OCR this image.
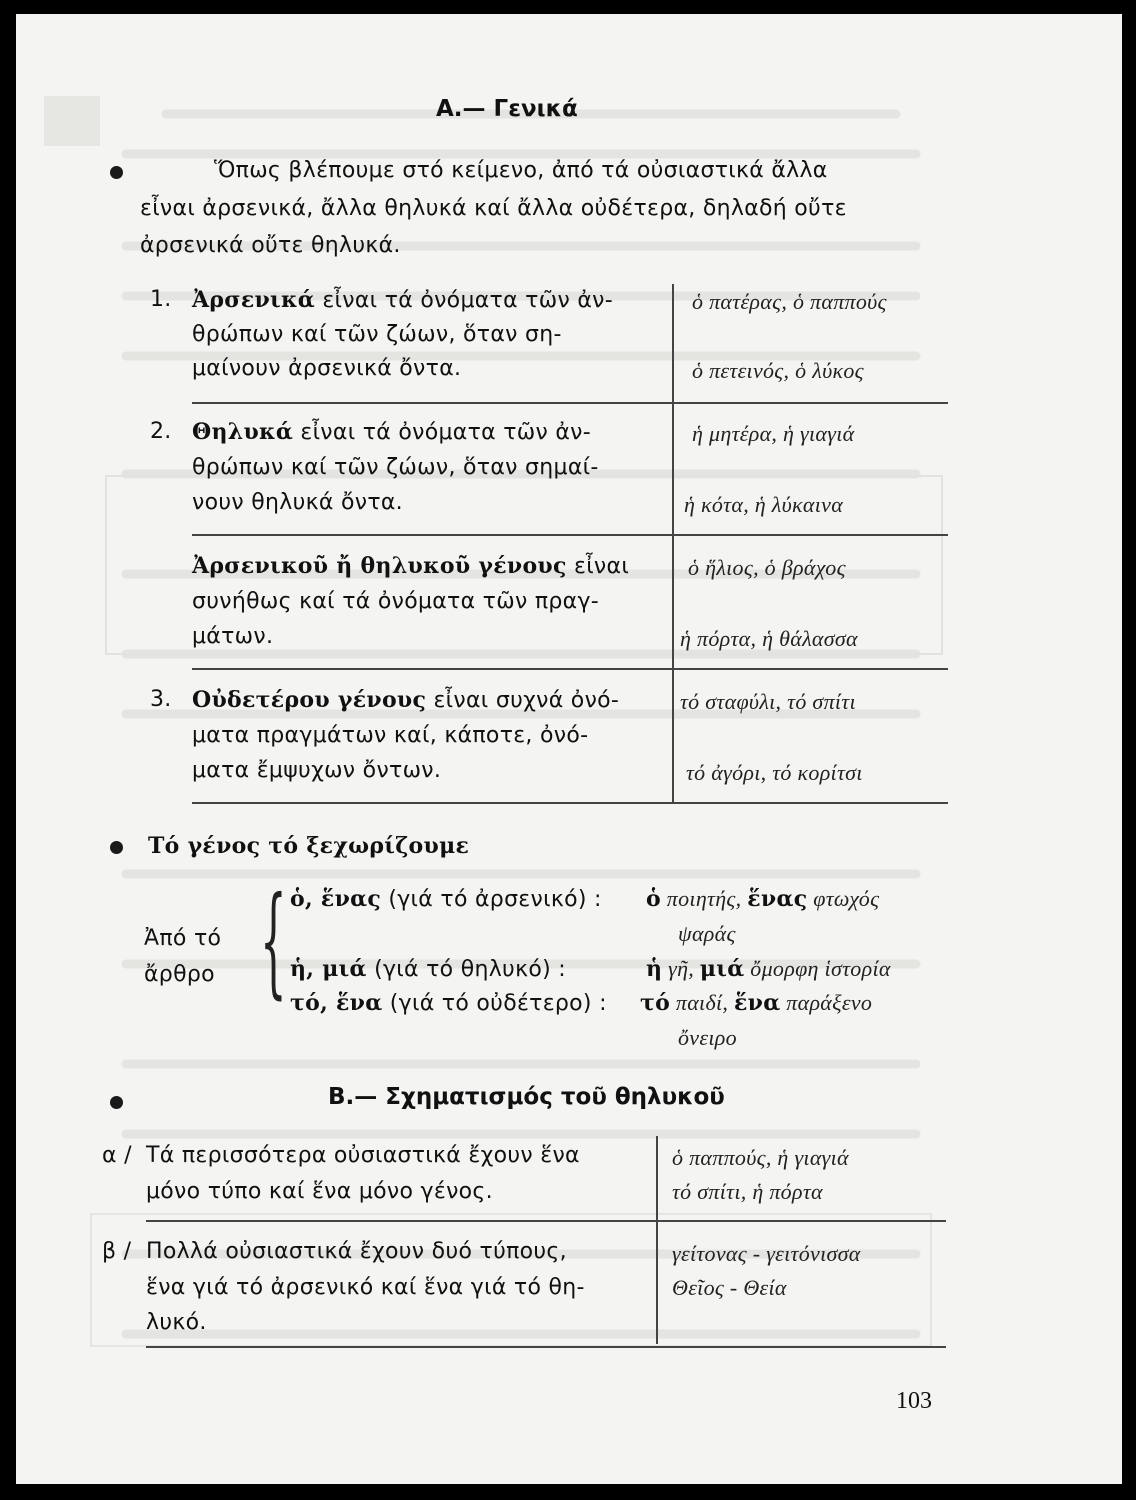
Α.— Γενικά
Ὅπως βλέπουμε στό κείμενο, ἀπό τά οὐσιαστικά ἄλλα
εἶναι ἀρσενικά, ἄλλα θηλυκά καί ἄλλα οὐδέτερα, δηλαδή οὔτε
ἀρσενικά οὔτε θηλυκά.
1. Ἀρσενικά εἶναι τά ὀνόματα τῶν ἀν-
θρώπων καί τῶν ζώων, ὅταν ση-
μαίνουν ἀρσενικά ὄντα.
ὁ πατέρας, ὁ παππούς
ὁ πετεινός, ὁ λύκος
2. Θηλυκά εἶναι τά ὀνόματα τῶν ἀν-
θρώπων καί τῶν ζώων, ὅταν σημαί-
νουν θηλυκά ὄντα.
ἡ μητέρα, ἡ γιαγιά
ἡ κότα, ἡ λύκαινα
Ἀρσενικοῦ ἤ θηλυκοῦ γένους εἶναι
συνήθως καί τά ὀνόματα τῶν πραγ-
μάτων.
ὁ ἥλιος, ὁ βράχος
ἡ πόρτα, ἡ θάλασσα
3. Οὐδετέρου γένους εἶναι συχνά ὀνό-
ματα πραγμάτων καί, κάποτε, ὀνό-
ματα ἔμψυχων ὄντων.
τό σταφύλι, τό σπίτι
τό ἀγόρι, τό κορίτσι
Τό γένος τό ξεχωρίζουμε
Ἀπό τό
ἄρθρο { ὁ, ἕνας (γιά τό ἀρσενικό) : ὁ ποιητής, ἕνας φτωχός
ψαράς
ἡ, μιά (γιά τό θηλυκό) :	ἡ γῆ, μιά ὄμορφη ἱστορία
τό, ἕνα (γιά τό οὐδέτερο) : τό παιδί, ἕνα παράξενο
ὄνειρο
Β.— Σχηματισμός τοῦ θηλυκοῦ
α / Τά περισσότερα οὐσιαστικά ἔχουν ἕνα
μόνο τύπο καί ἕνα μόνο γένος.
ὁ παππούς, ἡ γιαγιά
τό σπίτι, ἡ πόρτα
β / Πολλά οὐσιαστικά ἔχουν δυό τύπους,
ἕνα γιά τό ἀρσενικό καί ἕνα γιά τό θη-
λυκό.
γείτονας - γειτόνισσα
Θεῖος - Θεία
103
